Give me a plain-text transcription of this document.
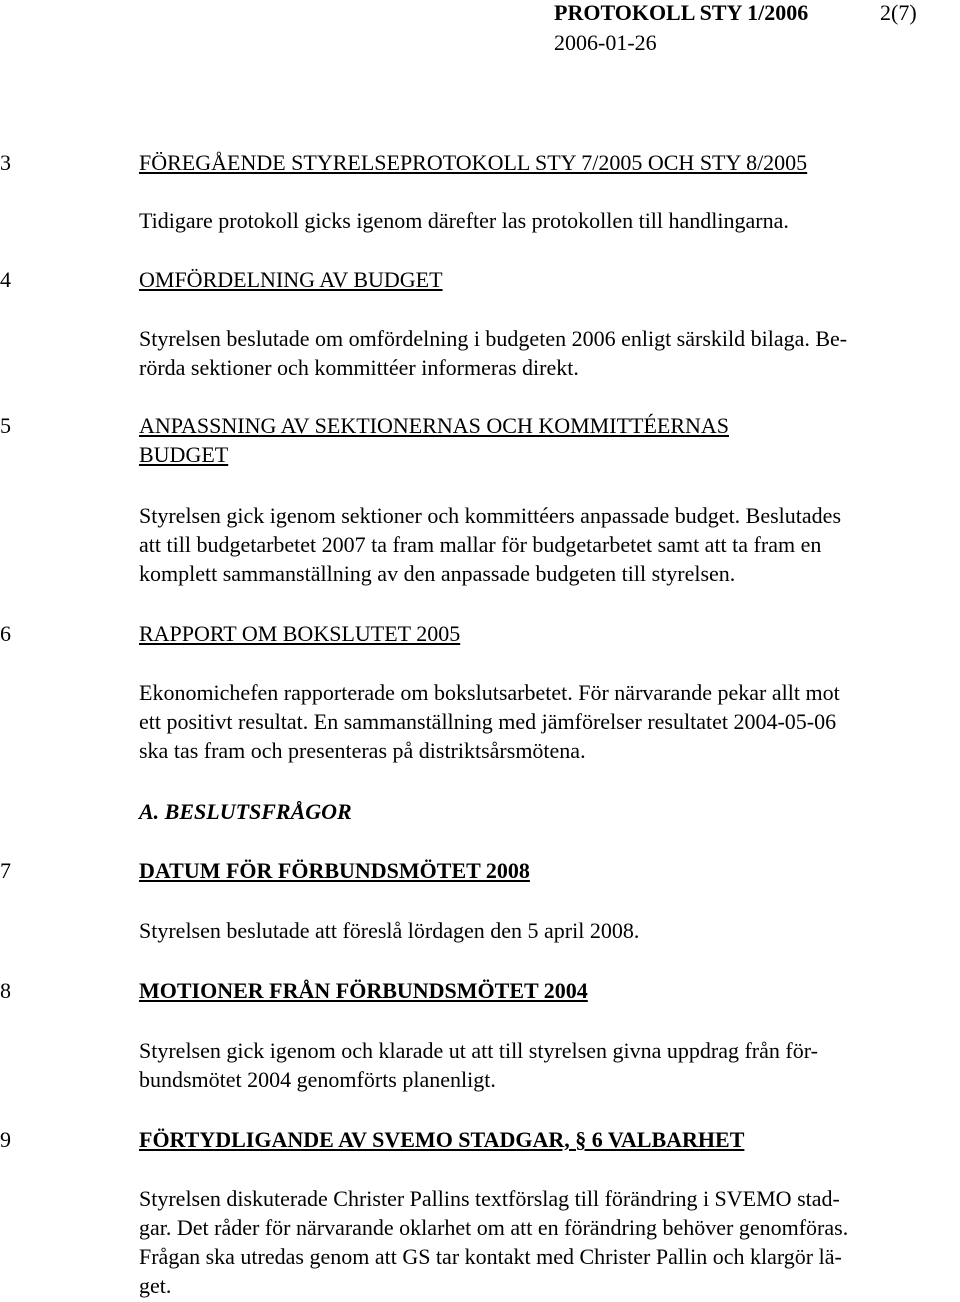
PROTOKOLL STY 1/2006	2(7)
2006-01-26
3	FÖREGÅENDE STYRELSEPROTOKOLL STY 7/2005 OCH STY 8/2005
Tidigare protokoll gicks igenom därefter las protokollen till handlingarna.
4	OMFÖRDELNING AV BUDGET
Styrelsen beslutade om omfördelning i budgeten 2006 enligt särskild bilaga. Be-
rörda sektioner och kommittéer informeras direkt.
5	ANPASSNING AV SEKTIONERNAS OCH KOMMITTÉERNAS
BUDGET
Styrelsen gick igenom sektioner och kommittéers anpassade budget. Beslutades
att till budgetarbetet 2007 ta fram mallar för budgetarbetet samt att ta fram en
komplett sammanställning av den anpassade budgeten till styrelsen.
6	RAPPORT OM BOKSLUTET 2005
Ekonomichefen rapporterade om bokslutsarbetet. För närvarande pekar allt mot
ett positivt resultat. En sammanställning med jämförelser resultatet 2004-05-06
ska tas fram och presenteras på distriktsårsmötena.
A. BESLUTSFRÅGOR
7	DATUM FÖR FÖRBUNDSMÖTET 2008
Styrelsen beslutade att föreslå lördagen den 5 april 2008.
8	MOTIONER FRÅN FÖRBUNDSMÖTET 2004
Styrelsen gick igenom och klarade ut att till styrelsen givna uppdrag från för-
bundsmötet 2004 genomförts planenligt.
9	FÖRTYDLIGANDE AV SVEMO STADGAR, § 6 VALBARHET
Styrelsen diskuterade Christer Pallins textförslag till förändring i SVEMO stad-
gar. Det råder för närvarande oklarhet om att en förändring behöver genomföras.
Frågan ska utredas genom att GS tar kontakt med Christer Pallin och klargör lä-
get.
